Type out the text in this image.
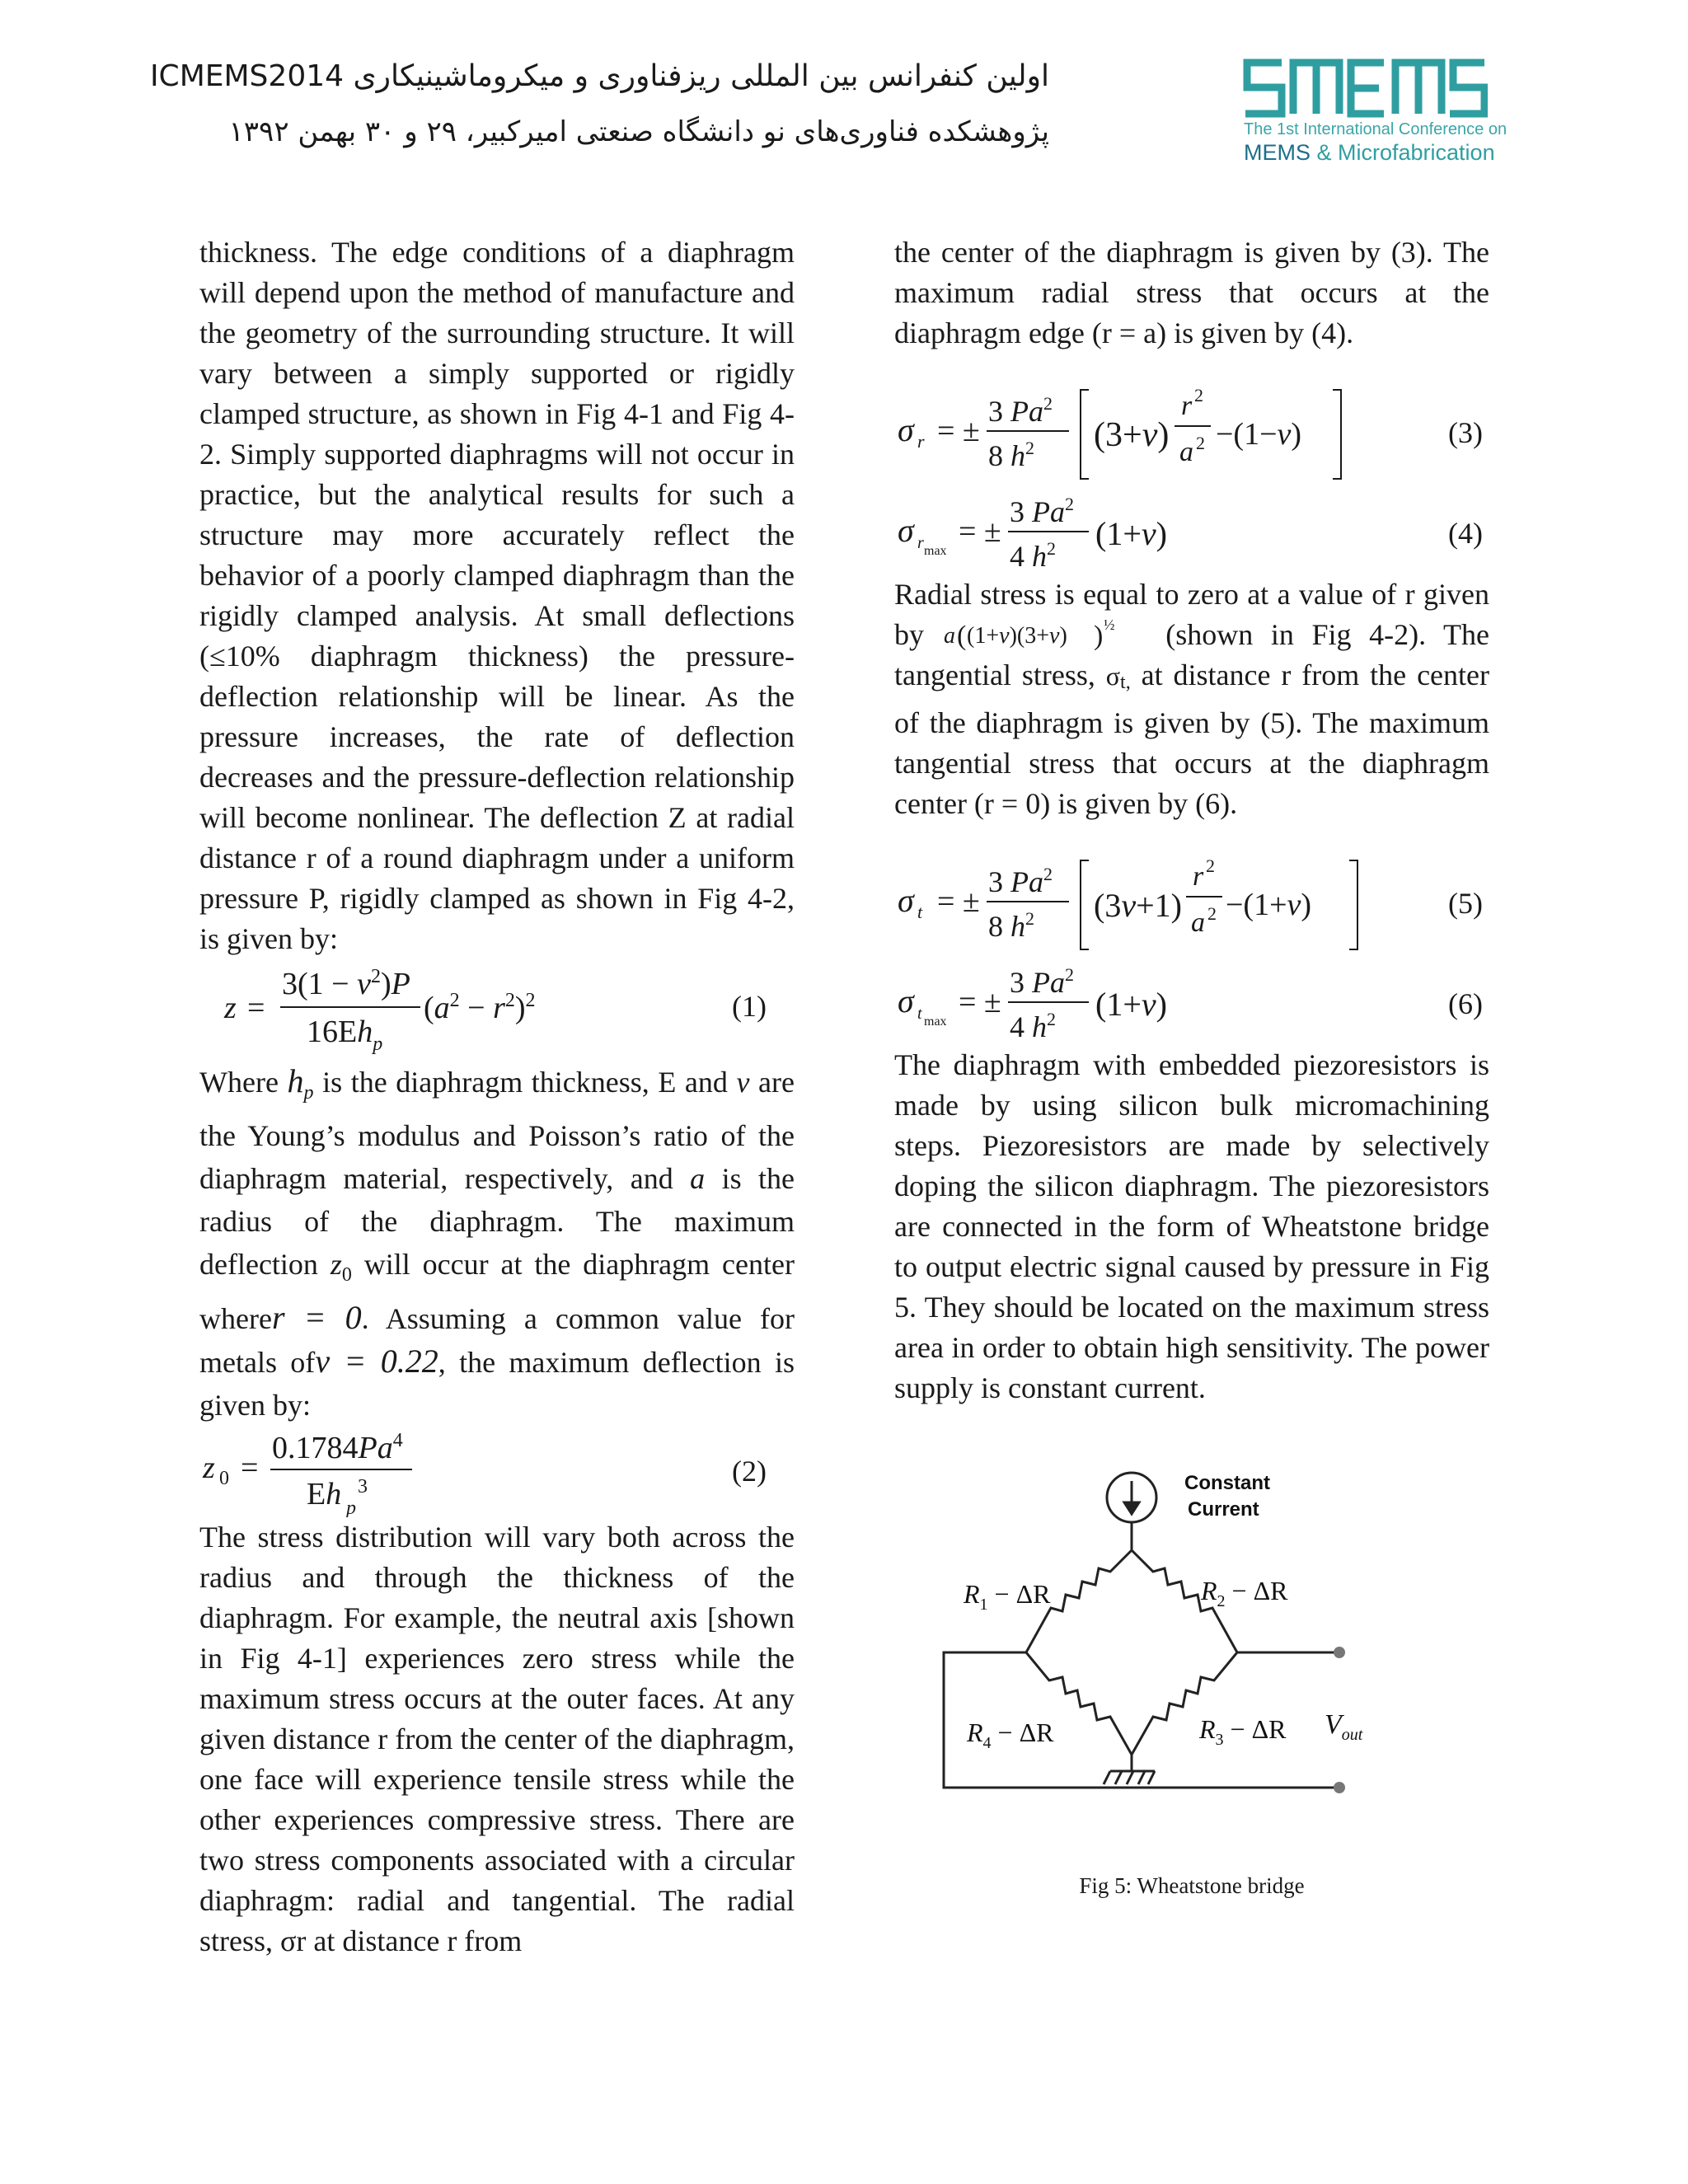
اولین کنفرانس بین المللی ریزفناوری و میکروماشینیکاری ICMEMS2014
پژوهشکده فناوری‌های نو دانشگاه صنعتی امیرکبیر، ۲۹ و ۳۰ بهمن ۱۳۹۲	The 1st International Conference on
MEMS & Microfabrication

thickness. The edge conditions of a diaphragm will depend upon the method of manufacture and the geometry of the surrounding structure. It will vary between a simply supported or rigidly clamped structure, as shown in Fig 4-1 and Fig 4-2. Simply supported diaphragms will not occur in practice, but the analytical results for such a structure may more accurately reflect the behavior of a poorly clamped diaphragm than the rigidly clamped analysis. At small deflections (≤10% diaphragm thickness) the pressure-deflection relationship will be linear. As the pressure increases, the rate of deflection decreases and the pressure-deflection relationship will become nonlinear. The deflection Z at radial distance r of a round diaphragm under a uniform pressure P, rigidly clamped as shown in Fig 4-2, is given by:

z =
$3(1 - \nu^2)P$
$16Eh_p$
$(a^2 - r^2)^2$	(1)

Where $h_p$ is the diaphragm thickness, E and ν are the Young’s modulus and Poisson’s ratio of the diaphragm material, respectively, and a is the radius of the diaphragm. The maximum deflection $z_0$ will occur at the diaphragm center wherer = 0. Assuming a common value for metals ofν = 0.22, the maximum deflection is given by:

z 0 =
$0.1784Pa^4$
Eh 3
p
(2)

The stress distribution will vary both across the radius and through the thickness of the diaphragm. For example, the neutral axis [shown in Fig 4-1] experiences zero stress while the maximum stress occurs at the outer faces. At any given distance r from the center of the diaphragm, one face will experience tensile stress while the other experiences compressive stress. There are two stress components associated with a circular diaphragm: radial and tangential. The radial stress, σr at distance r from

the center of the diaphragm is given by (3). The maximum radial stress that occurs at the diaphragm edge (r = a) is given by (4).

σ r = ±
3 Pa$^2$
8 $h^2$ (3+ν)
r 2
a 2 −(1−ν)	(3)
σ r max
= ±
3 Pa$^2$
4 $h^2$ (1+ν)	(4)

Radial stress is equal to zero at a value of r given by a ( (1+ν)(3+ν) ) ½ (shown in Fig 4-2). The tangential stress, σt, at distance r from the center of the diaphragm is given by (5). The maximum tangential stress that occurs at the diaphragm center (r = 0) is given by (6).

σ t = ±
3 Pa$^2$
8 $h^2$ (3ν+1)
r 2
a 2 −(1+ν)	(5)
σ t max
= ±
3 Pa$^2$
4 $h^2$ (1+ν)	(6)

The diaphragm with embedded piezoresistors is made by using silicon bulk micromachining steps. Piezoresistors are made by selectively doping the silicon diaphragm. The piezoresistors are connected in the form of Wheatstone bridge to output electric signal caused by pressure in Fig 5. They should be located on the maximum stress area in order to obtain high sensitivity. The power supply is constant current.

Constant
Current
$R_1 - \Delta R$	$R_2 - \Delta R$
$R_4 - \Delta R$	$R_3 - \Delta R$ $V_{out}$
Fig 5: Wheatstone bridge
